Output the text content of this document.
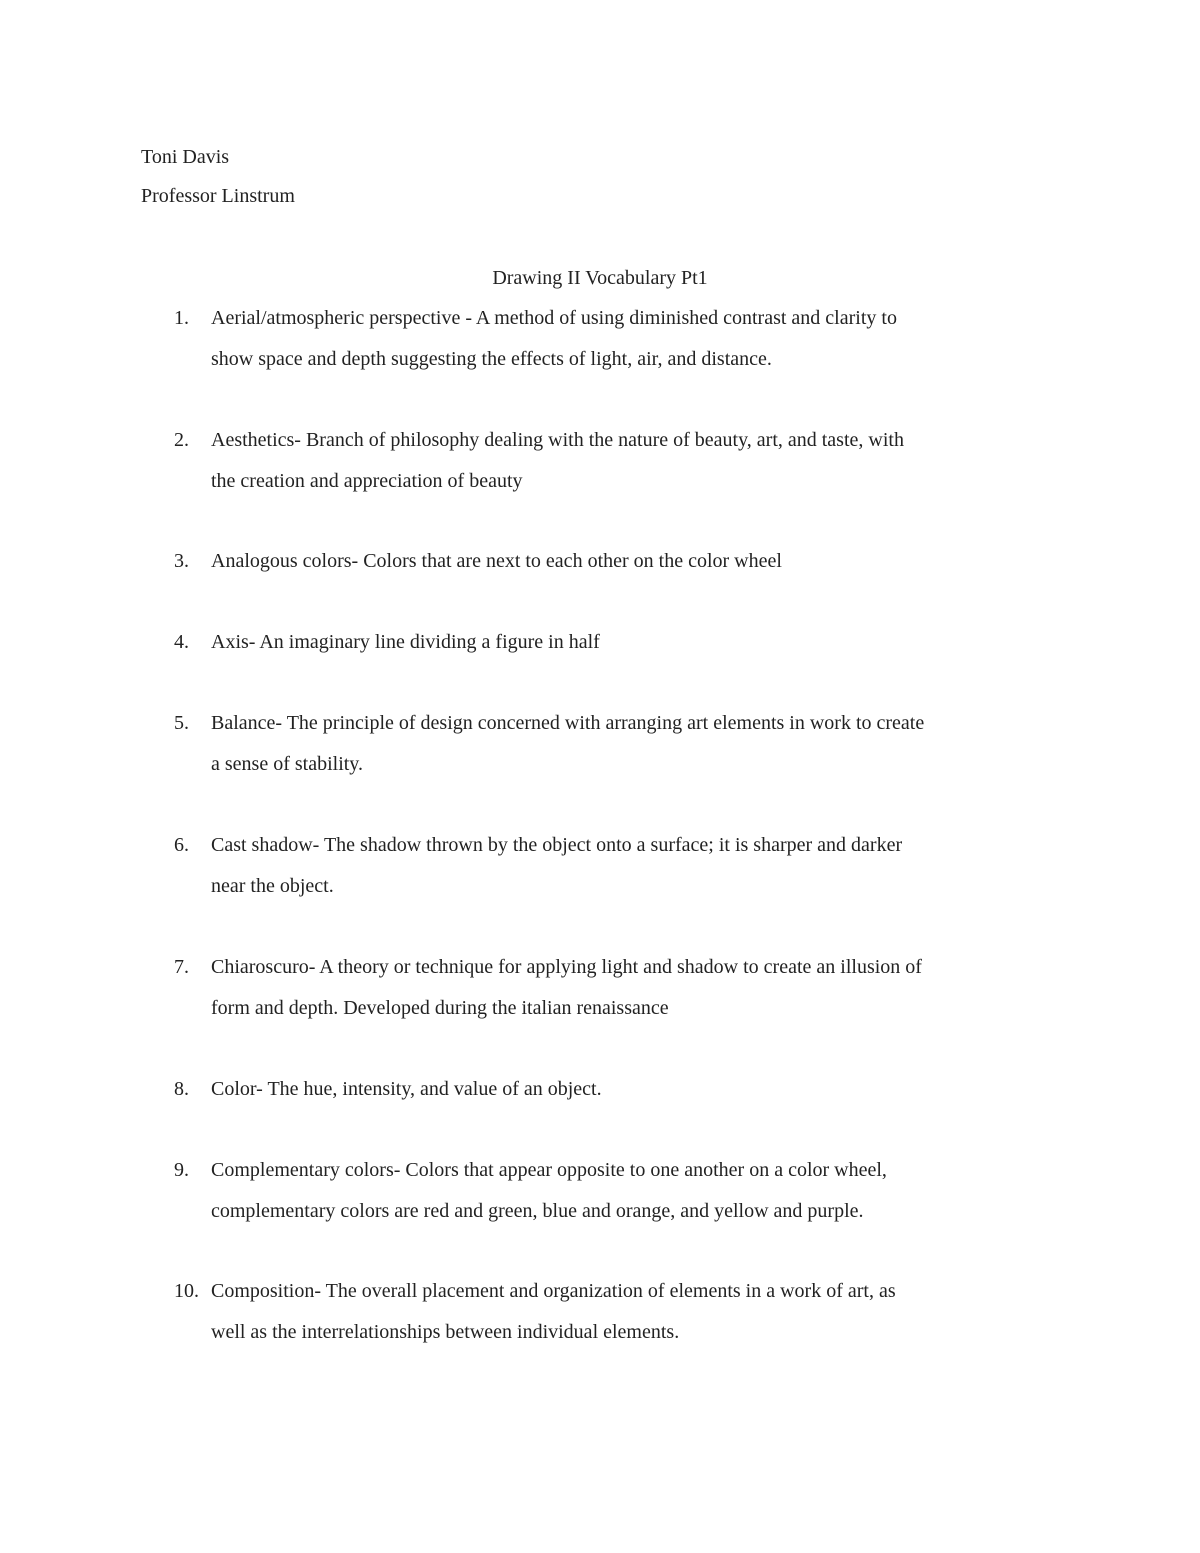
Toni Davis
Professor Linstrum
Drawing II Vocabulary Pt1
1. Aerial/atmospheric perspective - A method of using diminished contrast and clarity to
show space and depth suggesting the effects of light, air, and distance.
2. Aesthetics- Branch of philosophy dealing with the nature of beauty, art, and taste, with
the creation and appreciation of beauty
3. Analogous colors- Colors that are next to each other on the color wheel
4. Axis- An imaginary line dividing a figure in half
5. Balance- The principle of design concerned with arranging art elements in work to create
a sense of stability.
6. Cast shadow- The shadow thrown by the object onto a surface; it is sharper and darker
near the object.
7. Chiaroscuro- A theory or technique for applying light and shadow to create an illusion of
form and depth. Developed during the italian renaissance
8. Color- The hue, intensity, and value of an object.
9. Complementary colors- Colors that appear opposite to one another on a color wheel,
complementary colors are red and green, blue and orange, and yellow and purple.
10. Composition- The overall placement and organization of elements in a work of art, as
well as the interrelationships between individual elements.
